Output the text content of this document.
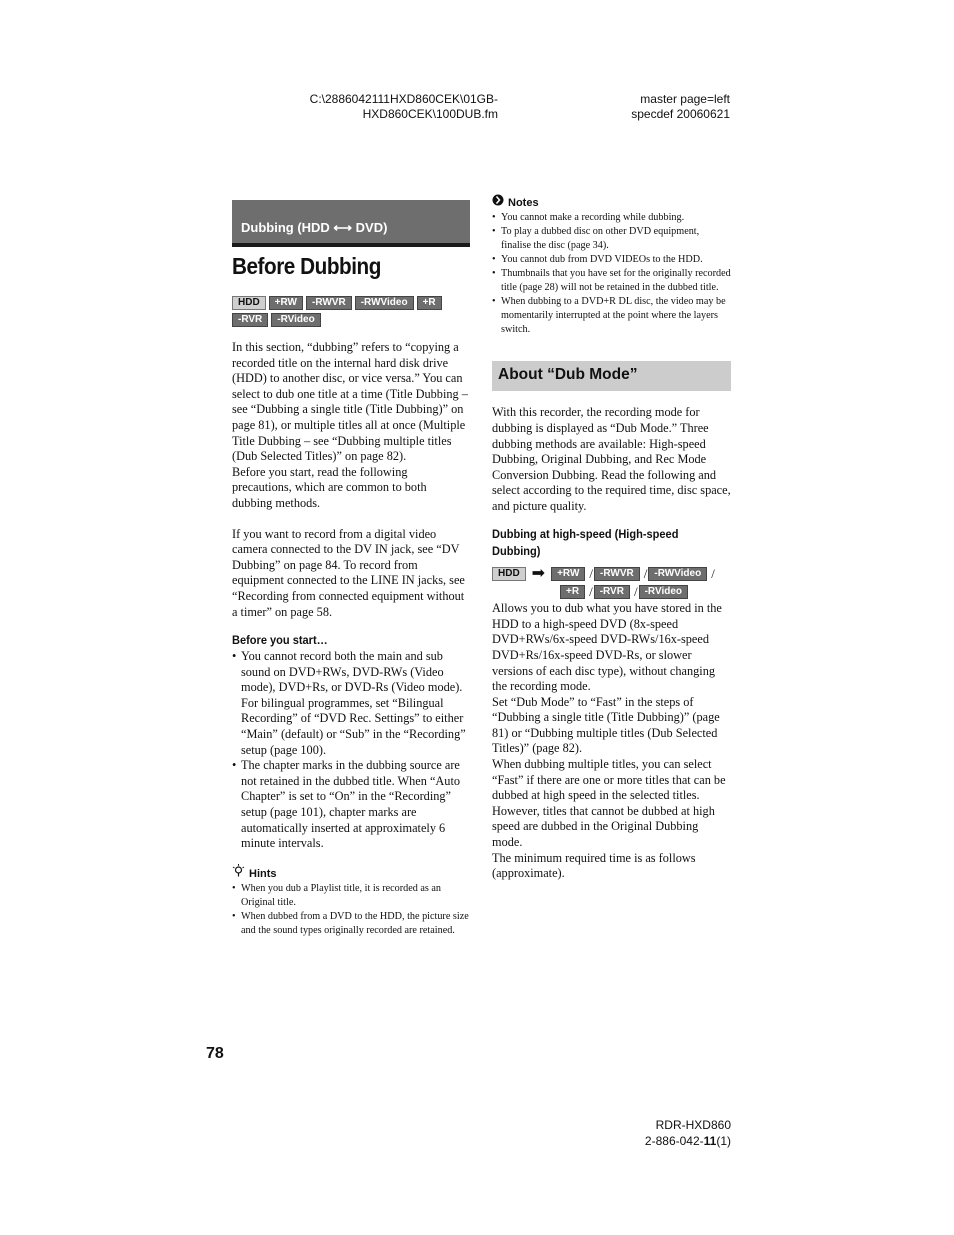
C:\2886042111HXD860CEK\01GB-
HXD860CEK\100DUB.fm
master page=left
specdef 20060621
Dubbing (HDD ⟷ DVD)
Before Dubbing
HDD +RW -RWVR -RWVideo +R
-RVR -RVideo

In this section, “dubbing” refers to “copying a recorded title on the internal hard disk drive (HDD) to another disc, or vice versa.” You can select to dub one title at a time (Title Dubbing – see “Dubbing a single title (Title Dubbing)” on page 81), or multiple titles all at once (Multiple Title Dubbing – see “Dubbing multiple titles (Dub Selected Titles)” on page 82).

Before you start, read the following precautions, which are common to both dubbing methods.

If you want to record from a digital video camera connected to the DV IN jack, see “DV Dubbing” on page 84. To record from equipment connected to the LINE IN jacks, see “Recording from connected equipment without a timer” on page 58.

Before you start…

• You cannot record both the main and sub sound on DVD+RWs, DVD-RWs (Video mode), DVD+Rs, or DVD-Rs (Video mode). For bilingual programmes, set “Bilingual Recording” of “DVD Rec. Settings” to either “Main” (default) or “Sub” in the “Recording” setup (page 100).
• The chapter marks in the dubbing source are not retained in the dubbed title. When “Auto Chapter” is set to “On” in the “Recording” setup (page 101), chapter marks are automatically inserted at approximately 6 minute intervals.
Hints
• When you dub a Playlist title, it is recorded as an Original title.
• When dubbed from a DVD to the HDD, the picture size and the sound types originally recorded are retained.
Notes
• You cannot make a recording while dubbing.
• To play a dubbed disc on other DVD equipment, finalise the disc (page 34).
• You cannot dub from DVD VIDEOs to the HDD.
• Thumbnails that you have set for the originally recorded title (page 28) will not be retained in the dubbed title.
• When dubbing to a DVD+R DL disc, the video may be momentarily interrupted at the point where the layers switch.
About “Dub Mode”

With this recorder, the recording mode for dubbing is displayed as “Dub Mode.” Three dubbing methods are available: High-speed Dubbing, Original Dubbing, and Rec Mode Conversion Dubbing. Read the following and select according to the required time, disc space, and picture quality.

Dubbing at high-speed (High-speed Dubbing)

HDD ➡ +RW / -RWVR / -RWVideo /
+R / -RVR / -RVideo

Allows you to dub what you have stored in the HDD to a high-speed DVD (8x-speed DVD+RWs/6x-speed DVD-RWs/16x-speed DVD+Rs/16x-speed DVD-Rs, or slower versions of each disc type), without changing the recording mode.

Set “Dub Mode” to “Fast” in the steps of “Dubbing a single title (Title Dubbing)” (page 81) or “Dubbing multiple titles (Dub Selected Titles)” (page 82).

When dubbing multiple titles, you can select “Fast” if there are one or more titles that can be dubbed at high speed in the selected titles. However, titles that cannot be dubbed at high speed are dubbed in the Original Dubbing mode.

The minimum required time is as follows (approximate).

78
RDR-HXD860
2-886-042-11(1)
